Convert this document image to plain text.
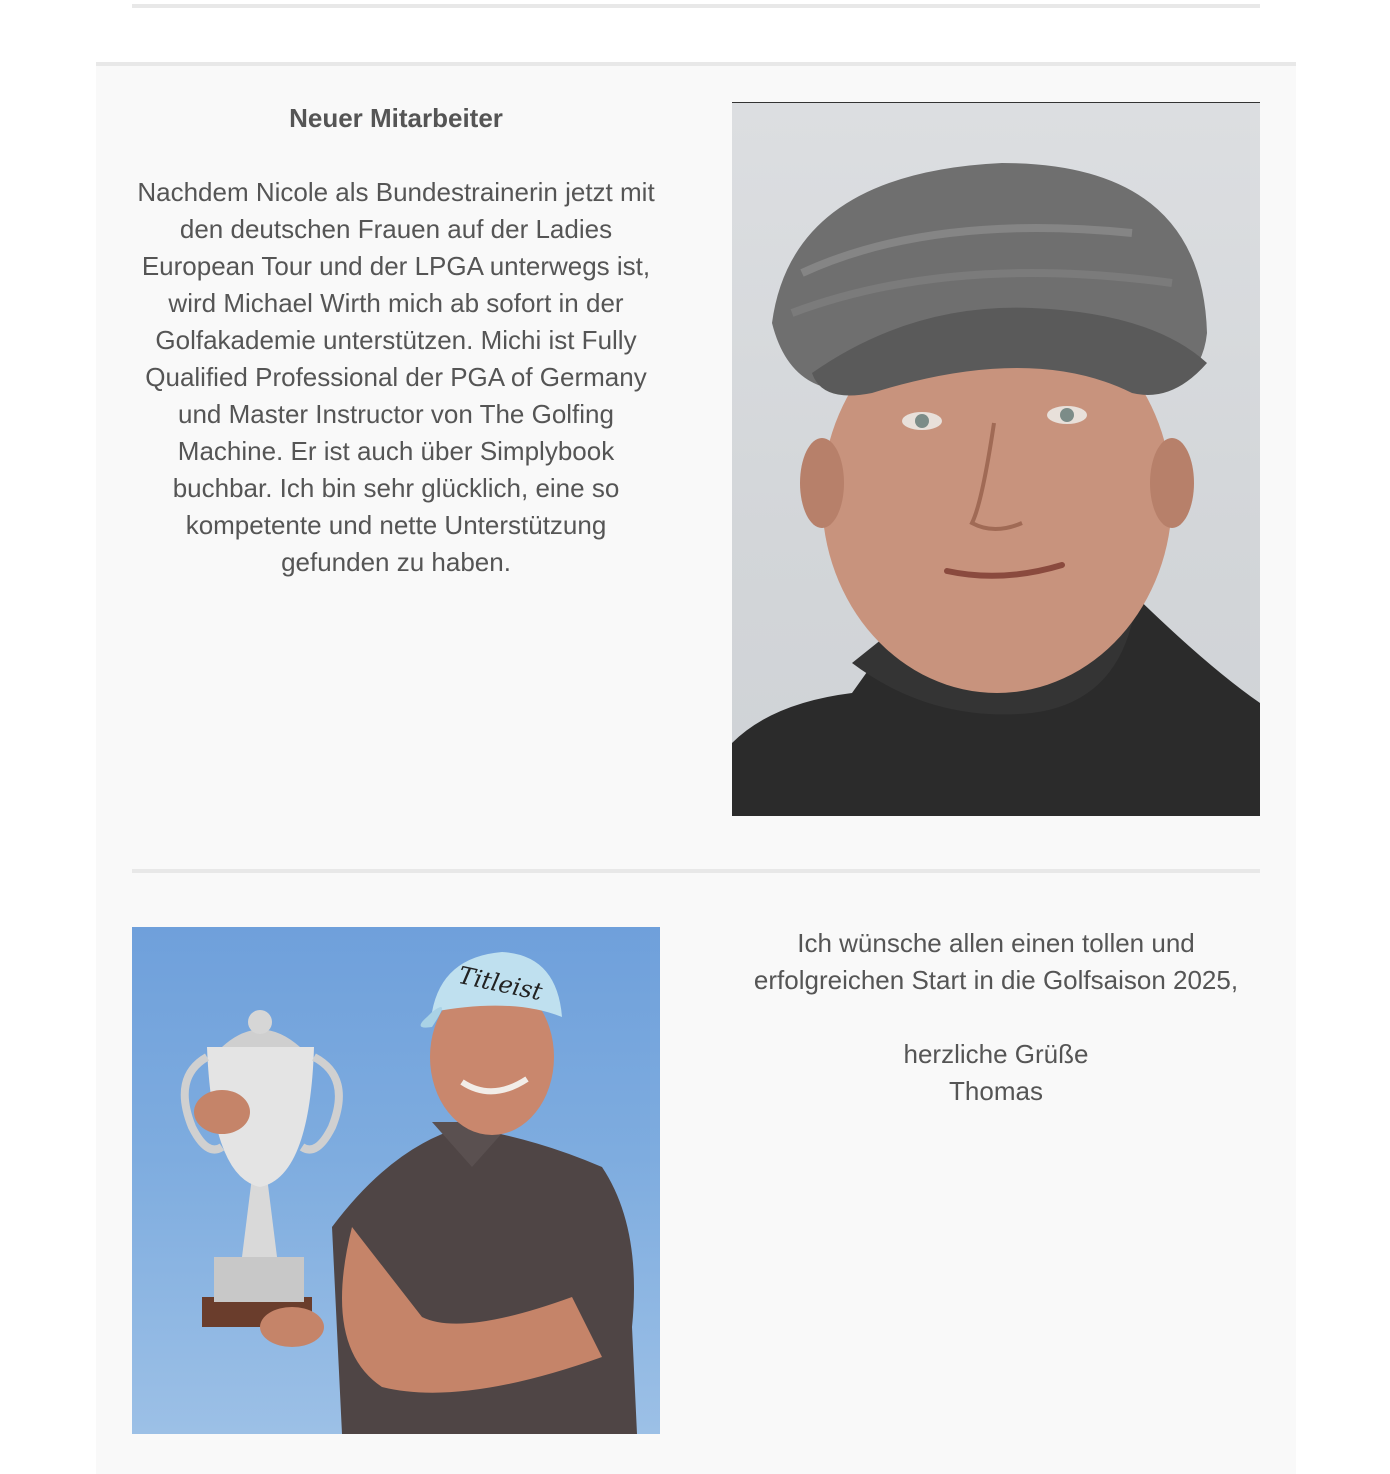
Neuer Mitarbeiter
Nachdem Nicole als Bundestrainerin jetzt mit den deutschen Frauen auf der Ladies European Tour und der LPGA unterwegs ist, wird Michael Wirth mich ab sofort in der Golfakademie unterstützen. Michi ist Fully Qualified Professional der PGA of Germany und Master Instructor von The Golfing Machine. Er ist auch über Simplybook buchbar. Ich bin sehr glücklich, eine so kompetente und nette Unterstützung gefunden zu haben.
Titleist
Ich wünsche allen einen tollen und erfolgreichen Start in die Golfsaison 2025,
herzliche Grüße
Thomas
